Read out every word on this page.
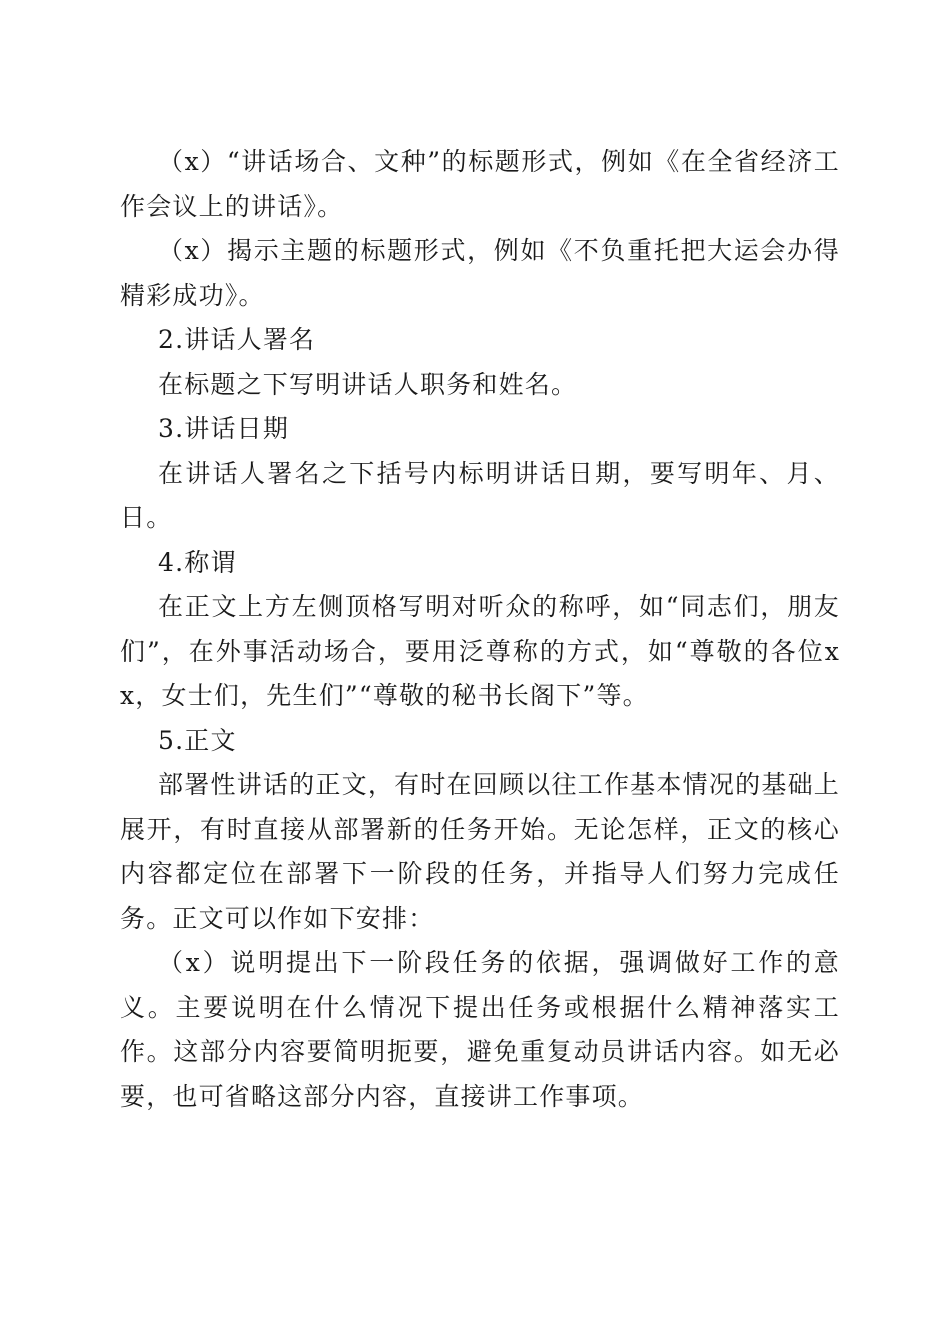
（x）“讲话场合、文种”的标题形式，例如《在全省经济工作会议上的讲话》。

（x）揭示主题的标题形式，例如《不负重托把大运会办得精彩成功》。

2.讲话人署名

在标题之下写明讲话人职务和姓名。

3.讲话日期

在讲话人署名之下括号内标明讲话日期，要写明年、月、日。

4.称谓

在正文上方左侧顶格写明对听众的称呼，如“同志们，朋友们”，在外事活动场合，要用泛尊称的方式，如“尊敬的各位xx，女士们，先生们”“尊敬的秘书长阁下”等。

5.正文

部署性讲话的正文，有时在回顾以往工作基本情况的基础上展开，有时直接从部署新的任务开始。无论怎样，正文的核心内容都定位在部署下一阶段的任务，并指导人们努力完成任务。正文可以作如下安排：

（x）说明提出下一阶段任务的依据，强调做好工作的意义。主要说明在什么情况下提出任务或根据什么精神落实工作。这部分内容要简明扼要，避免重复动员讲话内容。如无必要，也可省略这部分内容，直接讲工作事项。
